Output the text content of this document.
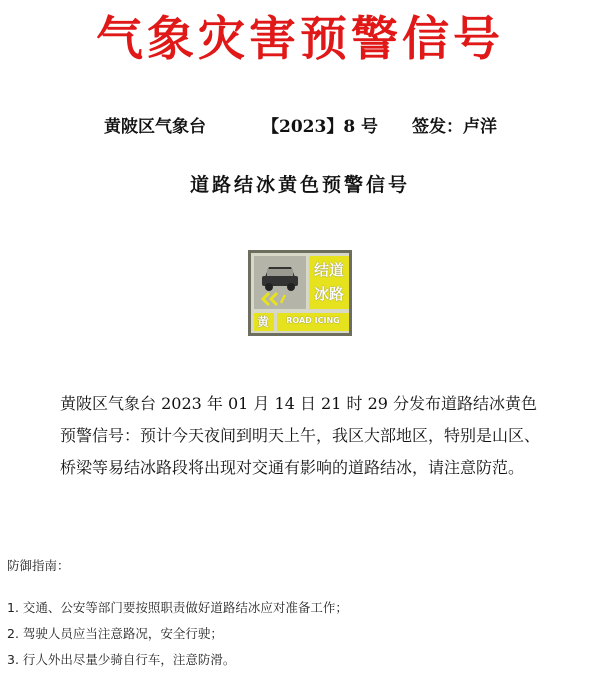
气象灾害预警信号
黄陂区气象台	【2023】8 号 签发：卢洋
道路结冰黄色预警信号
结道
冰路
黄	ROAD ICING

黄陂区气象台 2023 年 01 月 14 日 21 时 29 分发布道路结冰黄色

预警信号：预计今天夜间到明天上午，我区大部地区，特别是山区、

桥梁等易结冰路段将出现对交通有影响的道路结冰，请注意防范。

防御指南：
1. 交通、公安等部门要按照职责做好道路结冰应对准备工作；
2. 驾驶人员应当注意路况，安全行驶；
3. 行人外出尽量少骑自行车，注意防滑。
